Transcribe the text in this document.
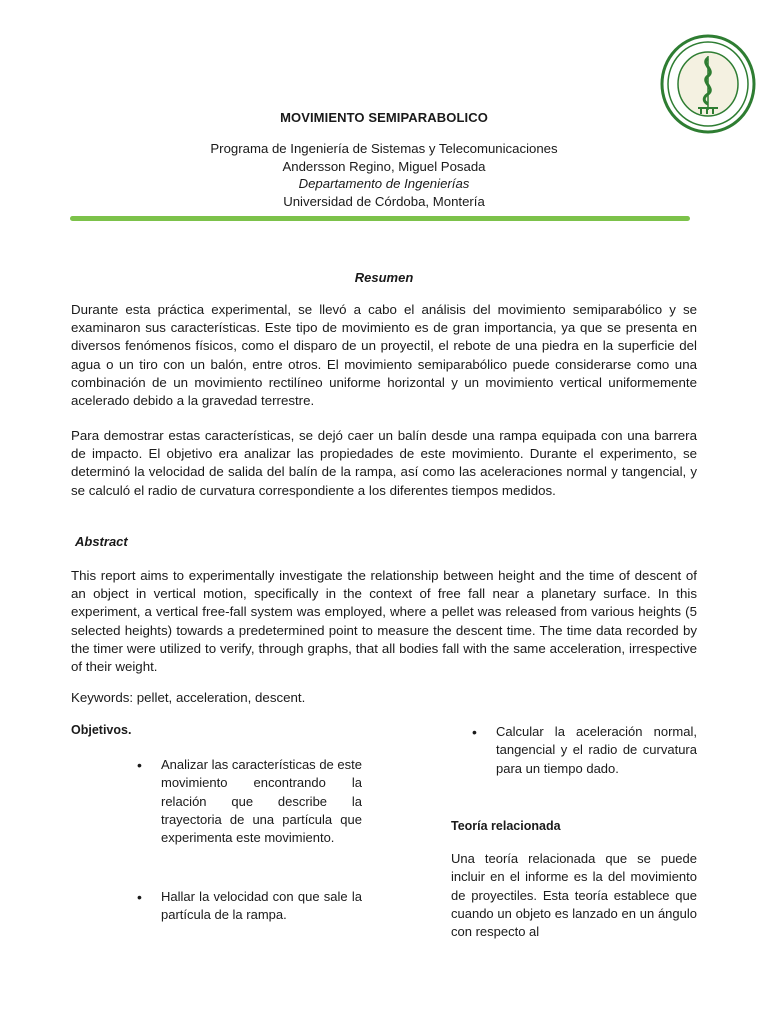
MOVIMIENTO SEMIPARABOLICO
Programa de Ingeniería de Sistemas y Telecomunicaciones
Andersson Regino, Miguel Posada
Departamento de Ingenierías
Universidad de Córdoba, Montería
Resumen

Durante esta práctica experimental, se llevó a cabo el análisis del movimiento semiparabólico y se examinaron sus características. Este tipo de movimiento es de gran importancia, ya que se presenta en diversos fenómenos físicos, como el disparo de un proyectil, el rebote de una piedra en la superficie del agua o un tiro con un balón, entre otros. El movimiento semiparabólico puede considerarse como una combinación de un movimiento rectilíneo uniforme horizontal y un movimiento vertical uniformemente acelerado debido a la gravedad terrestre.

Para demostrar estas características, se dejó caer un balín desde una rampa equipada con una barrera de impacto. El objetivo era analizar las propiedades de este movimiento. Durante el experimento, se determinó la velocidad de salida del balín de la rampa, así como las aceleraciones normal y tangencial, y se calculó el radio de curvatura correspondiente a los diferentes tiempos medidos.

Abstract

This report aims to experimentally investigate the relationship between height and the time of descent of an object in vertical motion, specifically in the context of free fall near a planetary surface. In this experiment, a vertical free-fall system was employed, where a pellet was released from various heights (5 selected heights) towards a predetermined point to measure the descent time. The time data recorded by the timer were utilized to verify, through graphs, that all bodies fall with the same acceleration, irrespective of their weight.

Keywords: pellet, acceleration, descent.
Objetivos.
• Analizar las características de este movimiento encontrando la relación que describe la trayectoria de una partícula que experimenta este movimiento.
• Hallar la velocidad con que sale la partícula de la rampa.
• Calcular la aceleración normal, tangencial y el radio de curvatura para un tiempo dado.
Teoría relacionada
Una teoría relacionada que se puede incluir en el informe es la del movimiento de proyectiles. Esta teoría establece que cuando un objeto es lanzado en un ángulo con respecto al
